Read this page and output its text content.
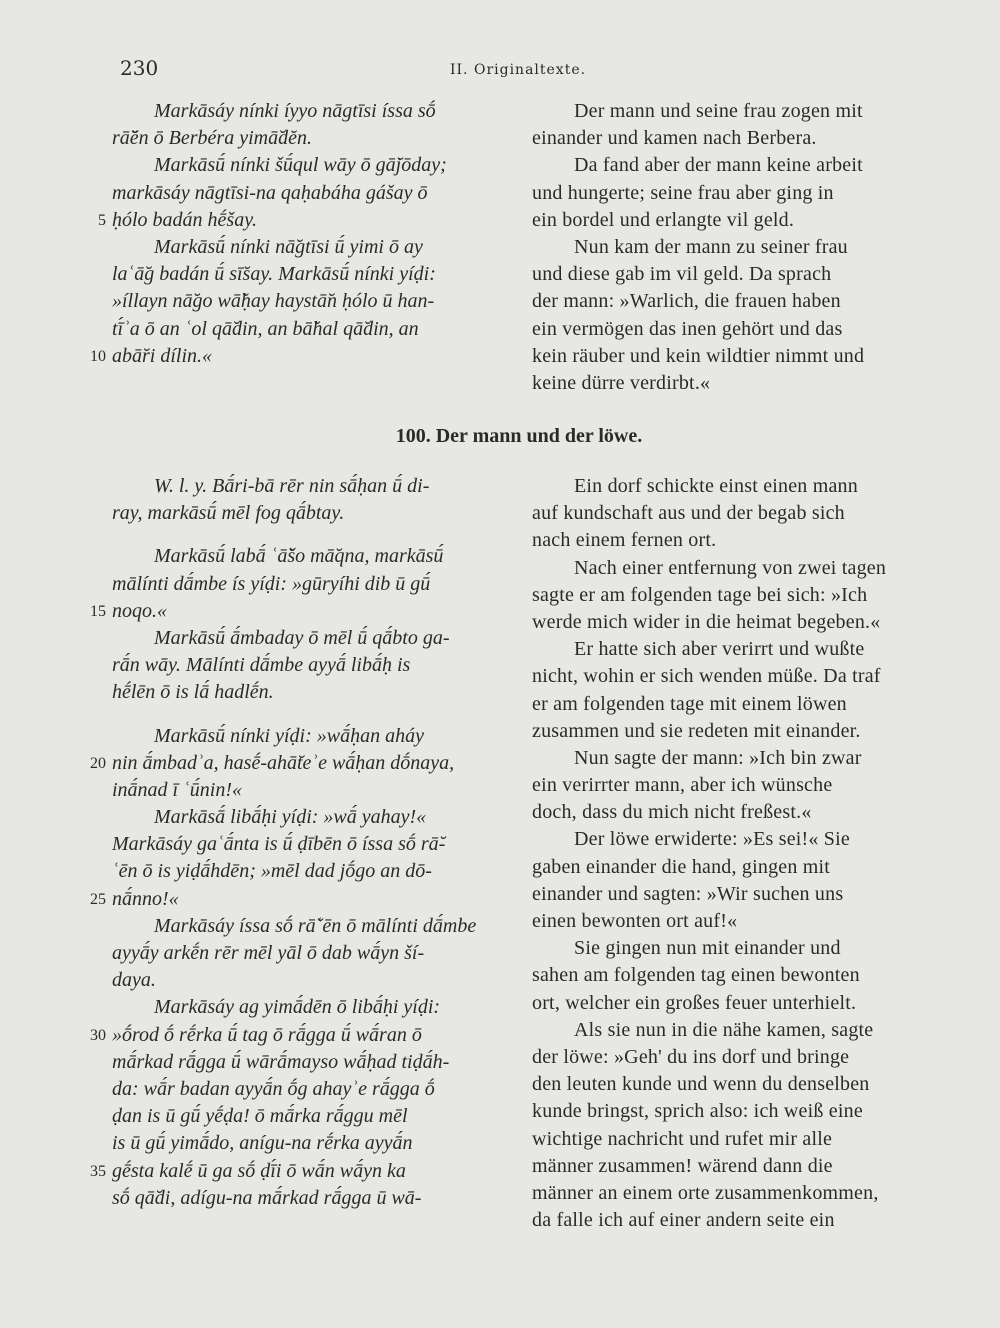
230	II. Originaltexte.
Markāsáy nínki íyyo nāgtīsi íssa sṓ
rā̆ĕn ō Berbéra yimā̆dĕn.
Markāsū́ nínki šū́qul wāy ō gā̆jōday;
markāsáy nāgtīsi-na qaḥabáha gášay ō
ḥólo badán hḗšay.
5
Markāsū́ nínki nā̆gtīsi ū́ yimi ō ay
laʿā̆g badán ū́ sī̆say. Markāsū́ nínki yíḍi:
»íllayn nā̆go wā̆ḥay haystā̆n ḥólo ū han-
tī́ʾa ō an ʿol qā̆din, an bā̆hal qā̆din, an
abā̆ri dílin.«
10
Der mann und seine frau zogen mit
einander und kamen nach Berbera.
Da fand aber der mann keine arbeit
und hungerte; seine frau aber ging in
ein bordel und erlangte vil geld.
Nun kam der mann zu seiner frau
und diese gab im vil geld. Da sprach
der mann: »Warlich, die frauen haben
ein vermögen das inen gehört und das
kein räuber und kein wildtier nimmt und
keine dürre verdirbt.«
100. Der mann und der löwe.
W. l. y. Bā́ri-bā rēr nin sā́ḥan ū́ di-
ray, markāsū́ mēl fog qā́btay.
Markāsū́ labā́ ʿā̆šo mā̆qna, markāsū́
mālínti dā́mbe ís yíḍi: »gūryíhi dib ū gū́
noqo.«
15
Markāsū́ ā́mbaday ō mēl ū́ qā́bto ga-
rā́n wāy. Mālínti dā́mbe ayyā́ libā́ḥ is
hḗlēn ō is lā́ hadlḗn.
Markāsū́ nínki yíḍi: »wā́ḥan aháy
nin ā́mbadʾa, hasḗ-ahā̆teʾe wā́ḥan dṓnaya,
20
inā́nad ī ʿū́nin!«
Markāsā́ libā́ḥi yíḍi: »wā́ yahay!«
Markāsáy gaʿā́nta is ū́ ḍībēn ō íssa sṓ rā̆-
ʿēn ō is yiḍā́hdēn; »mēl dad jṓgo an dō-
nā́nno!«
25
Markāsáy íssa sṓ rā̆ʿēn ō mālínti dā́mbe
ayyā́y arkḗn rēr mēl yāl ō dab wā́yn ší-
daya.
Markāsáy ag yimā́dēn ō libā́ḥi yíḍi:
»ṓrod ṓ rḗrka ū́ tag ō rā́gga ū́ wā́ran ō
30
mā́rkad rā́gga ū́ wārā́mayso wā́ḥad tiḍā́h-
da: wā́r badan ayyā́n ṓg ahayʾe rā́gga ṓ
ḍan is ū gū́ yḗḍa! ō mā́rka rā́ggu mēl
is ū gū́ yimā́do, anígu-na rḗrka ayyā́n
gḗsta kalḗ ū ga sṓ ḍī́i ō wā́n wā́yn ka
35
sṓ qā̆di, adígu-na mā́rkad rā́gga ū wā-
Ein dorf schickte einst einen mann
auf kundschaft aus und der begab sich
nach einem fernen ort.
Nach einer entfernung von zwei tagen
sagte er am folgenden tage bei sich: »Ich
werde mich wider in die heimat begeben.«
Er hatte sich aber verirrt und wußte
nicht, wohin er sich wenden müße. Da traf
er am folgenden tage mit einem löwen
zusammen und sie redeten mit einander.
Nun sagte der mann: »Ich bin zwar
ein verirrter mann, aber ich wünsche
doch, dass du mich nicht freßest.«
Der löwe erwiderte: »Es sei!« Sie
gaben einander die hand, gingen mit
einander und sagten: »Wir suchen uns
einen bewonten ort auf!«
Sie gingen nun mit einander und
sahen am folgenden tag einen bewonten
ort, welcher ein großes feuer unterhielt.
Als sie nun in die nähe kamen, sagte
der löwe: »Geh' du ins dorf und bringe
den leuten kunde und wenn du denselben
kunde bringst, sprich also: ich weiß eine
wichtige nachricht und rufet mir alle
männer zusammen! wärend dann die
männer an einem orte zusammenkommen,
da falle ich auf einer andern seite ein
